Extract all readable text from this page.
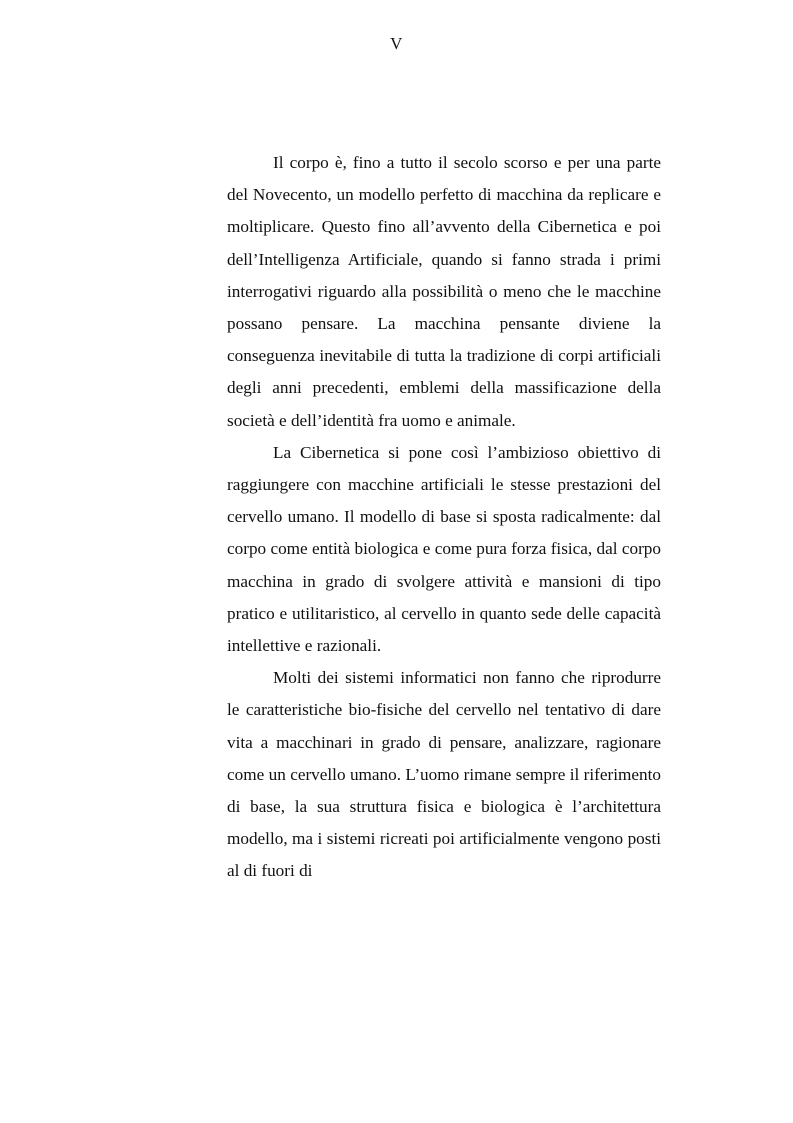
V

Il corpo è, fino a tutto il secolo scorso e per una parte del Novecento, un modello perfetto di macchina da replicare e moltiplicare. Questo fino all’avvento della Cibernetica e poi dell’Intelligenza Artificiale, quando si fanno strada i primi interrogativi riguardo alla possibilità o meno che le macchine possano pensare. La macchina pensante diviene la conseguenza inevitabile di tutta la tradizione di corpi artificiali degli anni precedenti, emblemi della massificazione della società e dell’identità fra uomo e animale.

La Cibernetica si pone così l’ambizioso obiettivo di raggiungere con macchine artificiali le stesse prestazioni del cervello umano. Il modello di base si sposta radicalmente: dal corpo come entità biologica e come pura forza fisica, dal corpo macchina in grado di svolgere attività e mansioni di tipo pratico e utilitaristico, al cervello in quanto sede delle capacità intellettive e razionali.

Molti dei sistemi informatici non fanno che riprodurre le caratteristiche bio-fisiche del cervello nel tentativo di dare vita a macchinari in grado di pensare, analizzare, ragionare come un cervello umano. L’uomo rimane sempre il riferimento di base, la sua struttura fisica e biologica è l’architettura modello, ma i sistemi ricreati poi artificialmente vengono posti al di fuori di
